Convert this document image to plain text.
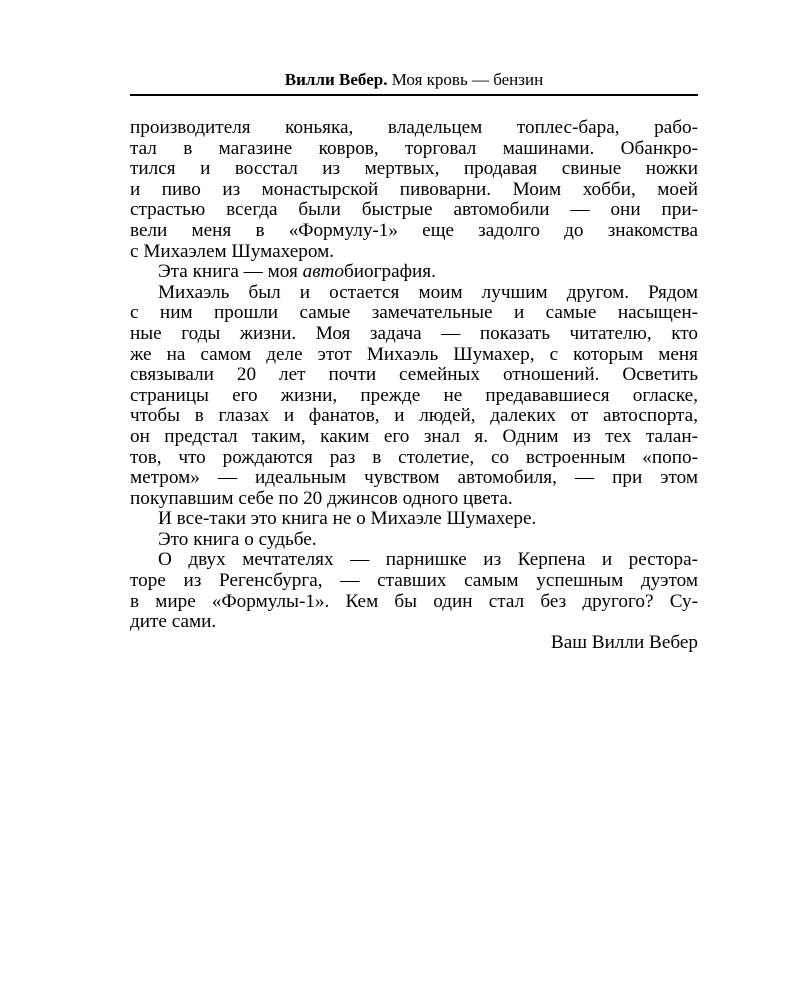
Вилли Вебер. Моя кровь — бензин
производителя коньяка, владельцем топлес-бара, рабо-
тал в магазине ковров, торговал машинами. Обанкро-
тился и восстал из мертвых, продавая свиные ножки
и пиво из монастырской пивоварни. Моим хобби, моей
страстью всегда были быстрые автомобили — они при-
вели меня в «Формулу-1» еще задолго до знакомства
с Михаэлем Шумахером.
Эта книга — моя автобиография.
Михаэль был и остается моим лучшим другом. Рядом
с ним прошли самые замечательные и самые насыщен-
ные годы жизни. Моя задача — показать читателю, кто
же на самом деле этот Михаэль Шумахер, с которым меня
связывали 20 лет почти семейных отношений. Осветить
страницы его жизни, прежде не предававшиеся огласке,
чтобы в глазах и фанатов, и людей, далеких от автоспорта,
он предстал таким, каким его знал я. Одним из тех талан-
тов, что рождаются раз в столетие, со встроенным «попо-
метром» — идеальным чувством автомобиля, — при этом
покупавшим себе по 20 джинсов одного цвета.
И все-таки это книга не о Михаэле Шумахере.
Это книга о судьбе.
О двух мечтателях — парнишке из Керпена и рестора-
торе из Регенсбурга, — ставших самым успешным дуэтом
в мире «Формулы-1». Кем бы один стал без другого? Су-
дите сами.
Ваш Вилли Вебер
